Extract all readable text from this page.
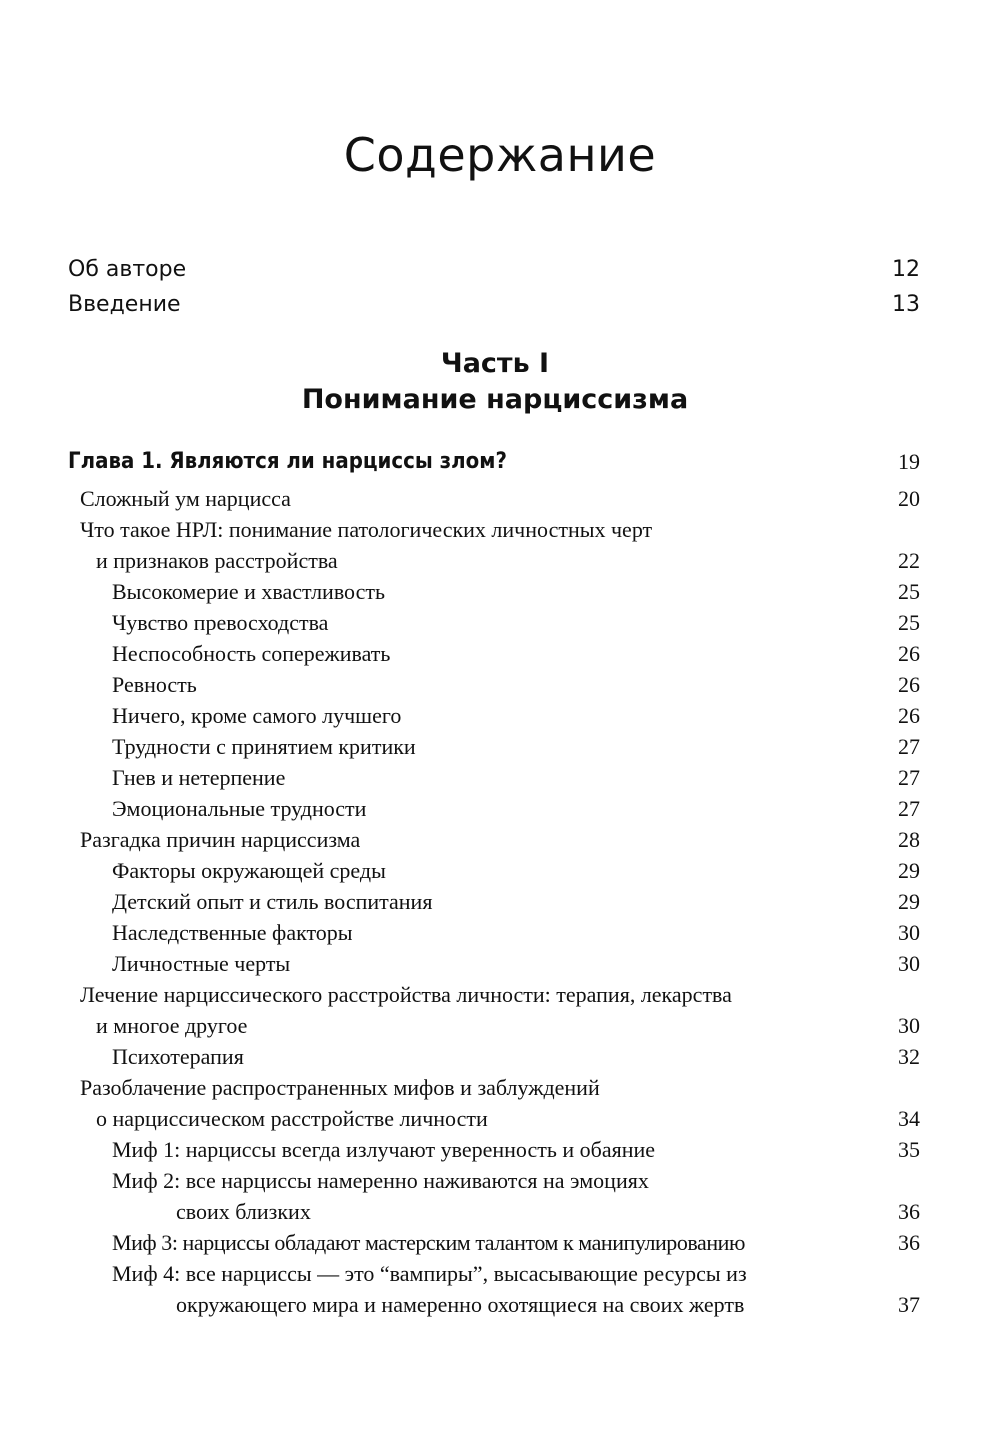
Содержание
Об авторе	12
Введение	13
Часть I
Понимание нарциссизма
Глава 1. Являются ли нарциссы злом?	19
Сложный ум нарцисса	20
Что такое НРЛ: понимание патологических личностных черт
и признаков расстройства	22
Высокомерие и хвастливость	25
Чувство превосходства	25
Неспособность сопереживать	26
Ревность	26
Ничего, кроме самого лучшего	26
Трудности с принятием критики	27
Гнев и нетерпение	27
Эмоциональные трудности	27
Разгадка причин нарциссизма	28
Факторы окружающей среды	29
Детский опыт и стиль воспитания	29
Наследственные факторы	30
Личностные черты	30
Лечение нарциссического расстройства личности: терапия, лекарства
и многое другое	30
Психотерапия	32
Разоблачение распространенных мифов и заблуждений
о нарциссическом расстройстве личности	34
Миф 1: нарциссы всегда излучают уверенность и обаяние	35
Миф 2: все нарциссы намеренно наживаются на эмоциях
своих близких	36
Миф 3: нарциссы обладают мастерским талантом к манипулированию	36
Миф 4: все нарциссы — это “вампиры”, высасывающие ресурсы из
окружающего мира и намеренно охотящиеся на своих жертв	37
